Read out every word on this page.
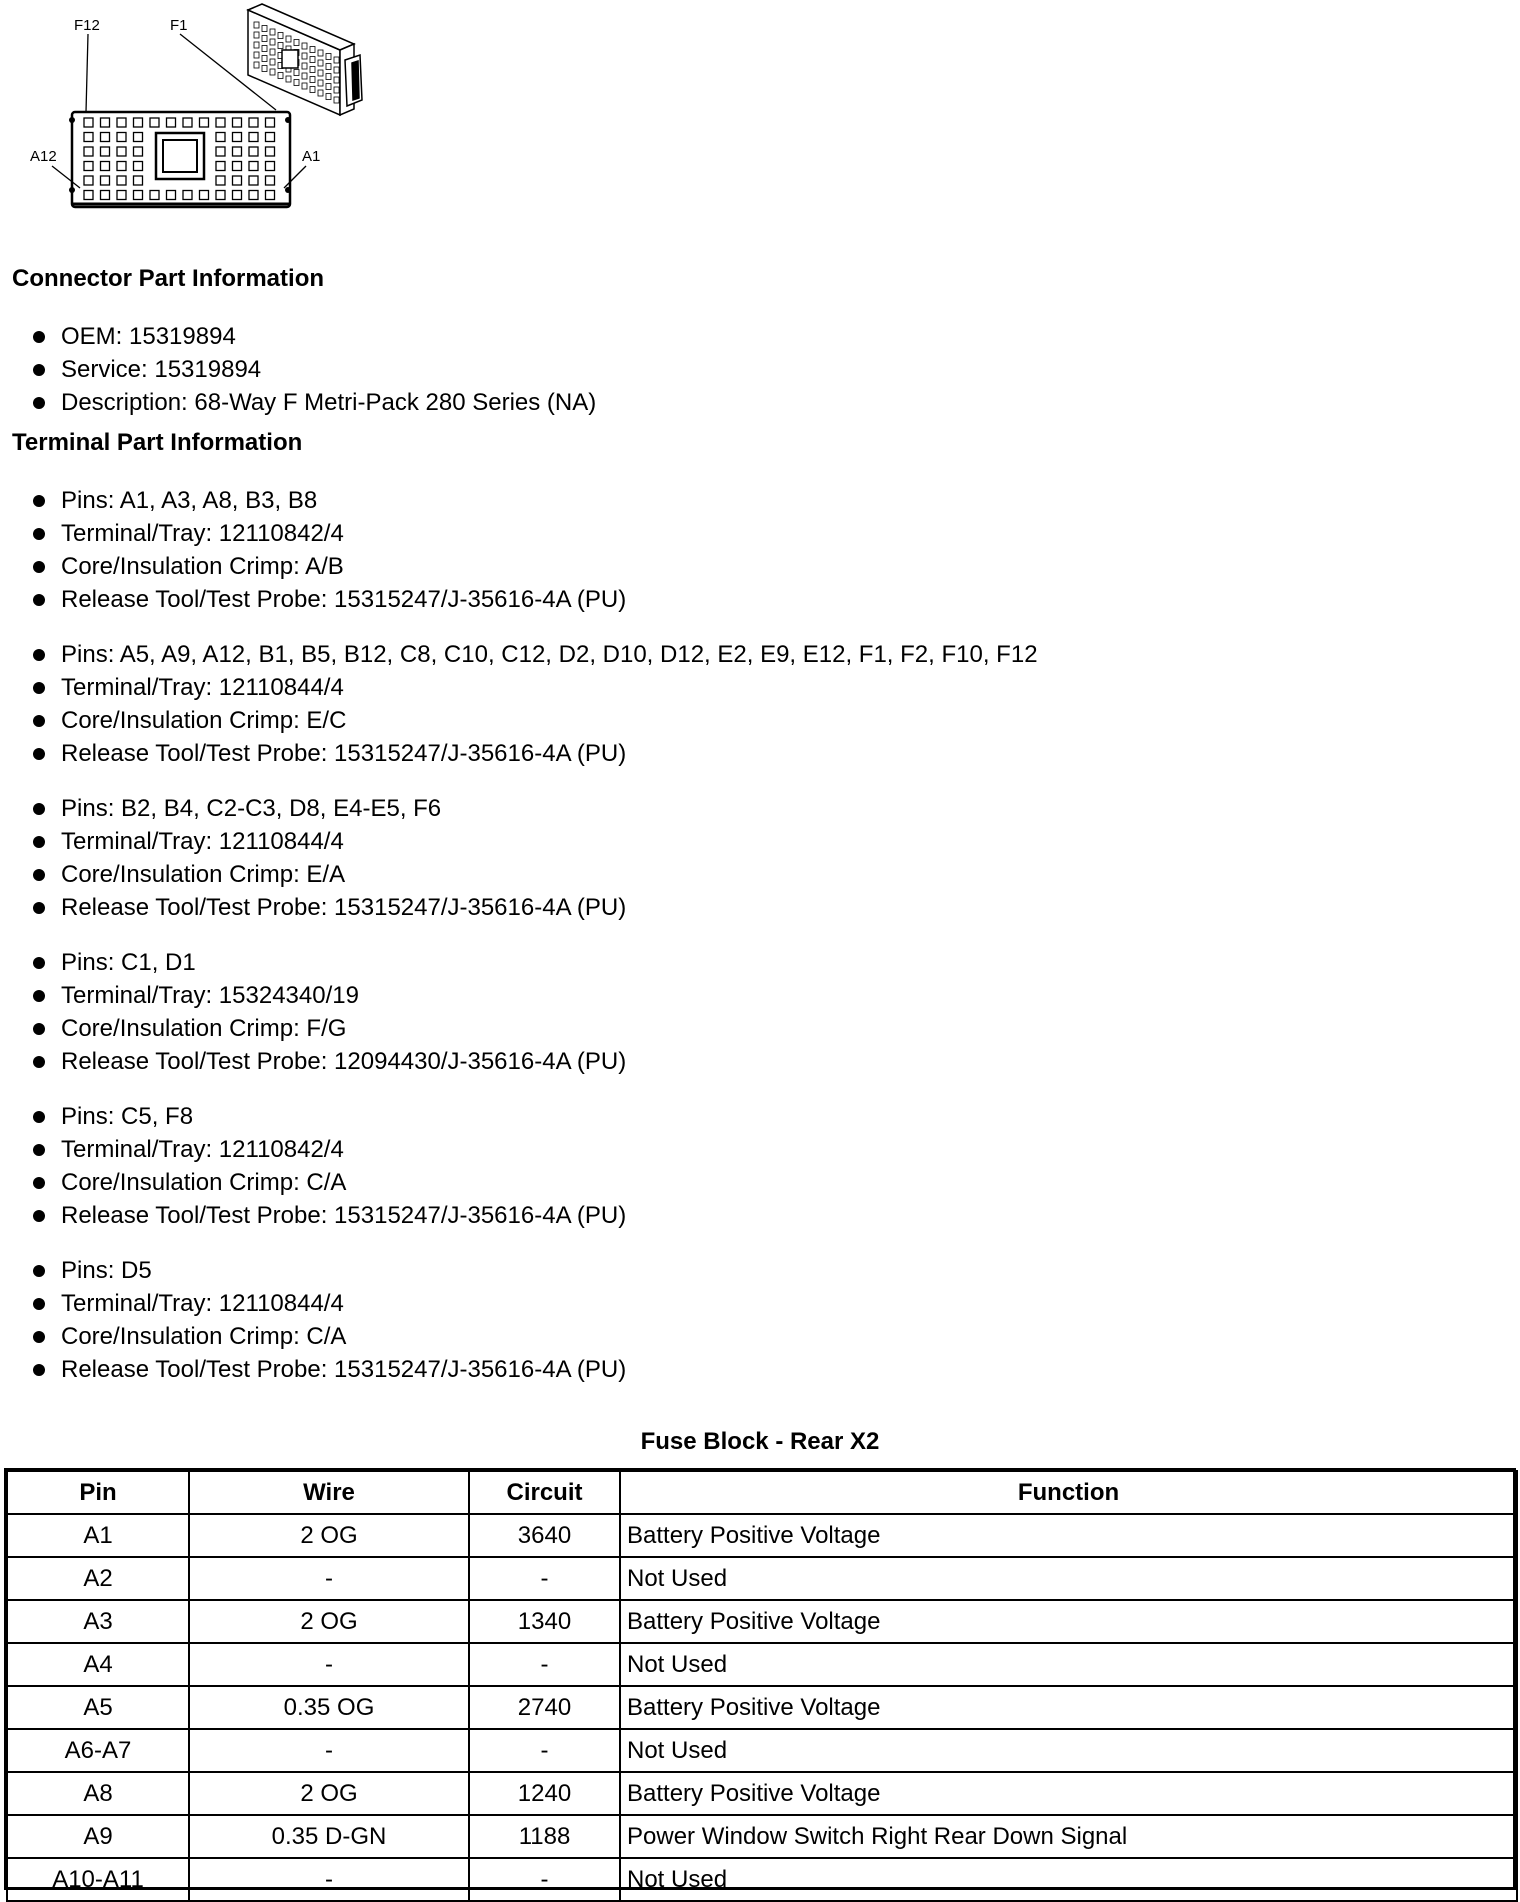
F12	F1
A12	A1
Connector Part Information
OEM: 15319894
Service: 15319894
Description: 68-Way F Metri-Pack 280 Series (NA)
Terminal Part Information
Pins: A1, A3, A8, B3, B8
Terminal/Tray: 12110842/4
Core/Insulation Crimp: A/B
Release Tool/Test Probe: 15315247/J-35616-4A (PU)
Pins: A5, A9, A12, B1, B5, B12, C8, C10, C12, D2, D10, D12, E2, E9, E12, F1, F2, F10, F12
Terminal/Tray: 12110844/4
Core/Insulation Crimp: E/C
Release Tool/Test Probe: 15315247/J-35616-4A (PU)
Pins: B2, B4, C2-C3, D8, E4-E5, F6
Terminal/Tray: 12110844/4
Core/Insulation Crimp: E/A
Release Tool/Test Probe: 15315247/J-35616-4A (PU)
Pins: C1, D1
Terminal/Tray: 15324340/19
Core/Insulation Crimp: F/G
Release Tool/Test Probe: 12094430/J-35616-4A (PU)
Pins: C5, F8
Terminal/Tray: 12110842/4
Core/Insulation Crimp: C/A
Release Tool/Test Probe: 15315247/J-35616-4A (PU)
Pins: D5
Terminal/Tray: 12110844/4
Core/Insulation Crimp: C/A
Release Tool/Test Probe: 15315247/J-35616-4A (PU)
Fuse Block - Rear X2
Pin	Wire	Circuit	Function
A1	2 OG	3640	Battery Positive Voltage
A2	-	-	Not Used
A3	2 OG	1340	Battery Positive Voltage
A4	-	-	Not Used
A5	0.35 OG	2740	Battery Positive Voltage
A6-A7	-	-	Not Used
A8	2 OG	1240	Battery Positive Voltage
A9	0.35 D-GN	1188	Power Window Switch Right Rear Down Signal
A10-A11	-	-	Not Used
